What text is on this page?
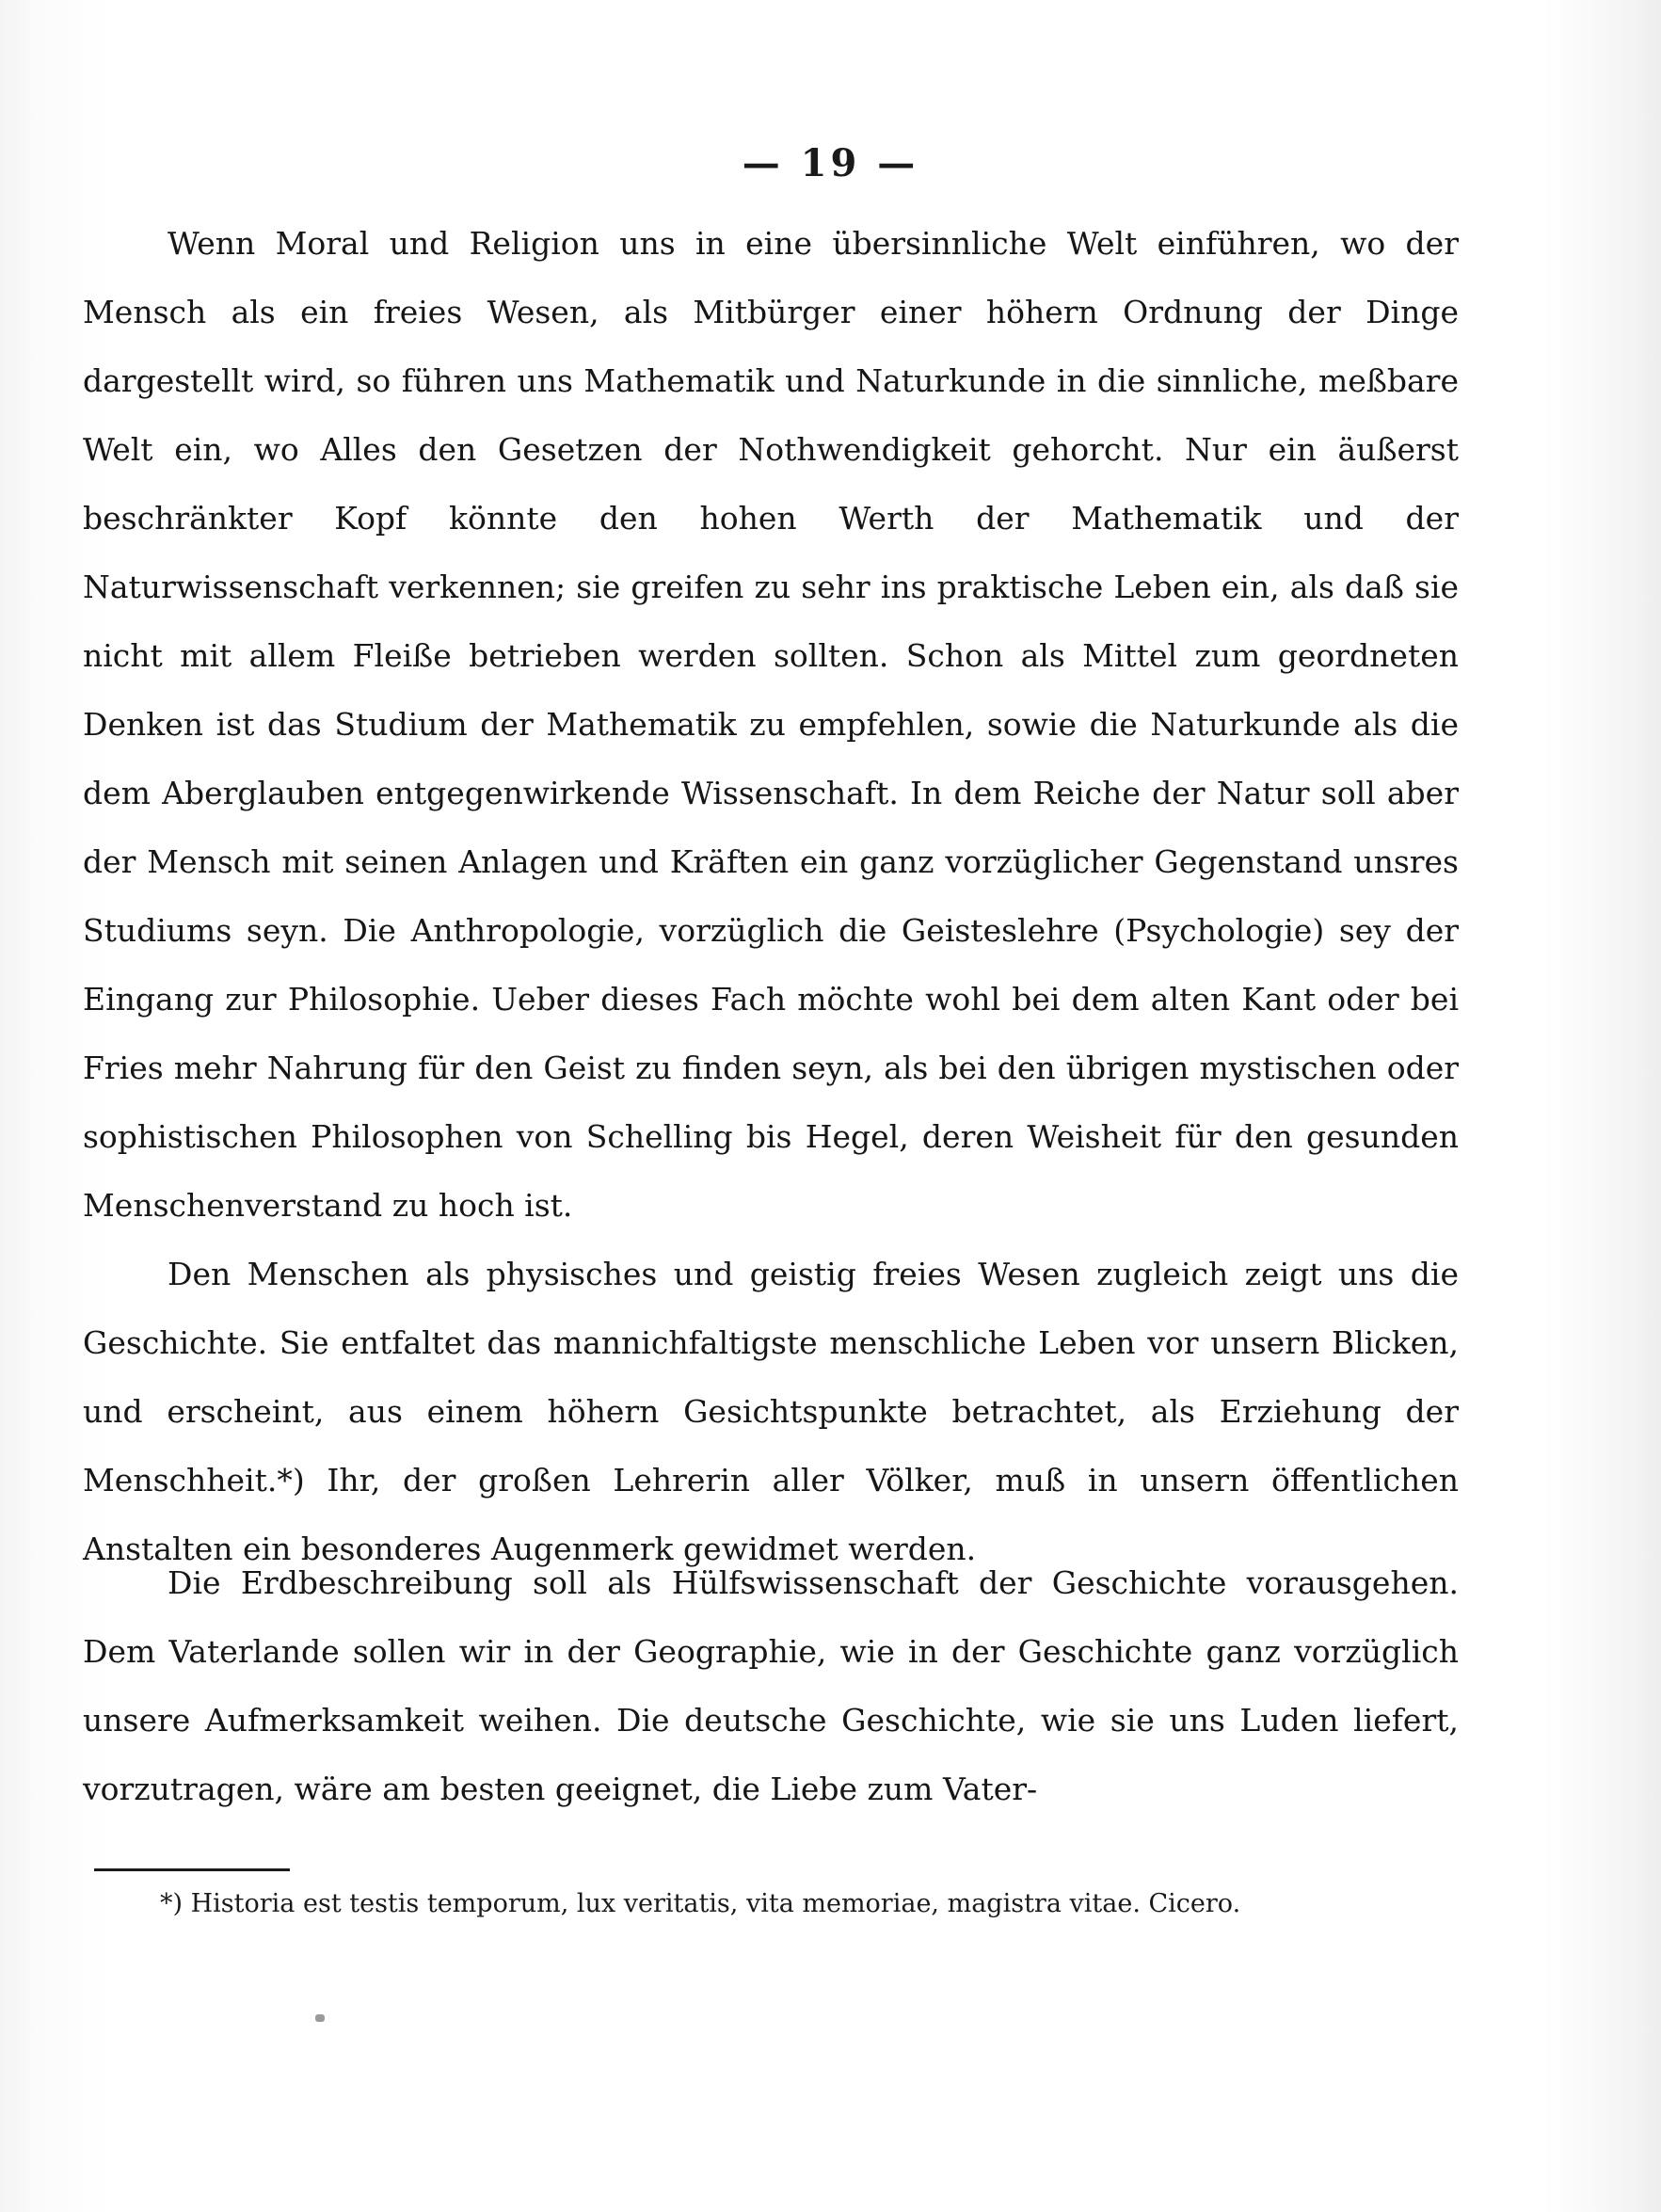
— 19 —

Wenn Moral und Religion uns in eine übersinnliche Welt einführen, wo der Mensch als ein freies Wesen, als Mitbürger einer höhern Ordnung der Dinge dargestellt wird, so führen uns Mathematik und Naturkunde in die sinnliche, meßbare Welt ein, wo Alles den Gesetzen der Nothwendigkeit gehorcht. Nur ein äußerst beschränkter Kopf könnte den hohen Werth der Mathematik und der Naturwissenschaft verkennen; sie greifen zu sehr ins praktische Leben ein, als daß sie nicht mit allem Fleiße betrieben werden sollten. Schon als Mittel zum geordneten Denken ist das Studium der Mathematik zu empfehlen, sowie die Naturkunde als die dem Aberglauben entgegenwirkende Wissenschaft. In dem Reiche der Natur soll aber der Mensch mit seinen Anlagen und Kräften ein ganz vorzüglicher Gegenstand unsres Studiums seyn. Die Anthropologie, vorzüglich die Geisteslehre (Psychologie) sey der Eingang zur Philosophie. Ueber dieses Fach möchte wohl bei dem alten Kant oder bei Fries mehr Nahrung für den Geist zu finden seyn, als bei den übrigen mystischen oder sophistischen Philosophen von Schelling bis Hegel, deren Weisheit für den gesunden Menschenverstand zu hoch ist.

Den Menschen als physisches und geistig freies Wesen zugleich zeigt uns die Geschichte. Sie entfaltet das mannichfaltigste menschliche Leben vor unsern Blicken, und erscheint, aus einem höhern Gesichtspunkte betrachtet, als Erziehung der Menschheit.*) Ihr, der großen Lehrerin aller Völker, muß in unsern öffentlichen Anstalten ein besonderes Augenmerk gewidmet werden.

Die Erdbeschreibung soll als Hülfswissenschaft der Geschichte vorausgehen. Dem Vaterlande sollen wir in der Geographie, wie in der Geschichte ganz vorzüglich unsere Aufmerksamkeit weihen. Die deutsche Geschichte, wie sie uns Luden liefert, vorzutragen, wäre am besten geeignet, die Liebe zum Vater-

*) Historia est testis temporum, lux veritatis, vita memoriae, magistra vitae. Cicero.
